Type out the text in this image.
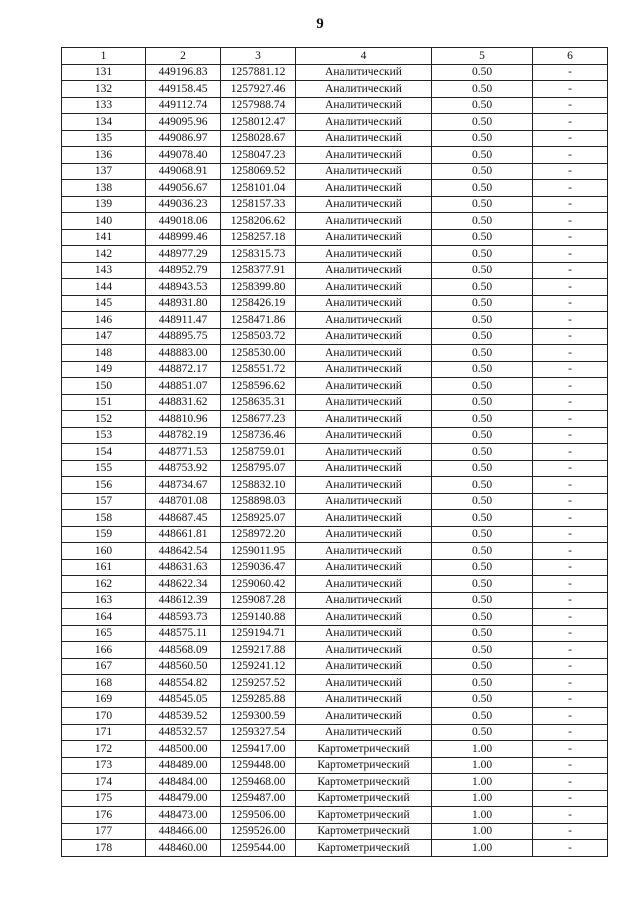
9
1	2	3	4	5	6
131	449196.83	1257881.12	Аналитический	0.50	-
132	449158.45	1257927.46	Аналитический	0.50	-
133	449112.74	1257988.74	Аналитический	0.50	-
134	449095.96	1258012.47	Аналитический	0.50	-
135	449086.97	1258028.67	Аналитический	0.50	-
136	449078.40	1258047.23	Аналитический	0.50	-
137	449068.91	1258069.52	Аналитический	0.50	-
138	449056.67	1258101.04	Аналитический	0.50	-
139	449036.23	1258157.33	Аналитический	0.50	-
140	449018.06	1258206.62	Аналитический	0.50	-
141	448999.46	1258257.18	Аналитический	0.50	-
142	448977.29	1258315.73	Аналитический	0.50	-
143	448952.79	1258377.91	Аналитический	0.50	-
144	448943.53	1258399.80	Аналитический	0.50	-
145	448931.80	1258426.19	Аналитический	0.50	-
146	448911.47	1258471.86	Аналитический	0.50	-
147	448895.75	1258503.72	Аналитический	0.50	-
148	448883.00	1258530.00	Аналитический	0.50	-
149	448872.17	1258551.72	Аналитический	0.50	-
150	448851.07	1258596.62	Аналитический	0.50	-
151	448831.62	1258635.31	Аналитический	0.50	-
152	448810.96	1258677.23	Аналитический	0.50	-
153	448782.19	1258736.46	Аналитический	0.50	-
154	448771.53	1258759.01	Аналитический	0.50	-
155	448753.92	1258795.07	Аналитический	0.50	-
156	448734.67	1258832.10	Аналитический	0.50	-
157	448701.08	1258898.03	Аналитический	0.50	-
158	448687.45	1258925.07	Аналитический	0.50	-
159	448661.81	1258972.20	Аналитический	0.50	-
160	448642.54	1259011.95	Аналитический	0.50	-
161	448631.63	1259036.47	Аналитический	0.50	-
162	448622.34	1259060.42	Аналитический	0.50	-
163	448612.39	1259087.28	Аналитический	0.50	-
164	448593.73	1259140.88	Аналитический	0.50	-
165	448575.11	1259194.71	Аналитический	0.50	-
166	448568.09	1259217.88	Аналитический	0.50	-
167	448560.50	1259241.12	Аналитический	0.50	-
168	448554.82	1259257.52	Аналитический	0.50	-
169	448545.05	1259285.88	Аналитический	0.50	-
170	448539.52	1259300.59	Аналитический	0.50	-
171	448532.57	1259327.54	Аналитический	0.50	-
172	448500.00	1259417.00	Картометрический	1.00	-
173	448489.00	1259448.00	Картометрический	1.00	-
174	448484.00	1259468.00	Картометрический	1.00	-
175	448479.00	1259487.00	Картометрический	1.00	-
176	448473.00	1259506.00	Картометрический	1.00	-
177	448466.00	1259526.00	Картометрический	1.00	-
178	448460.00	1259544.00	Картометрический	1.00	-
